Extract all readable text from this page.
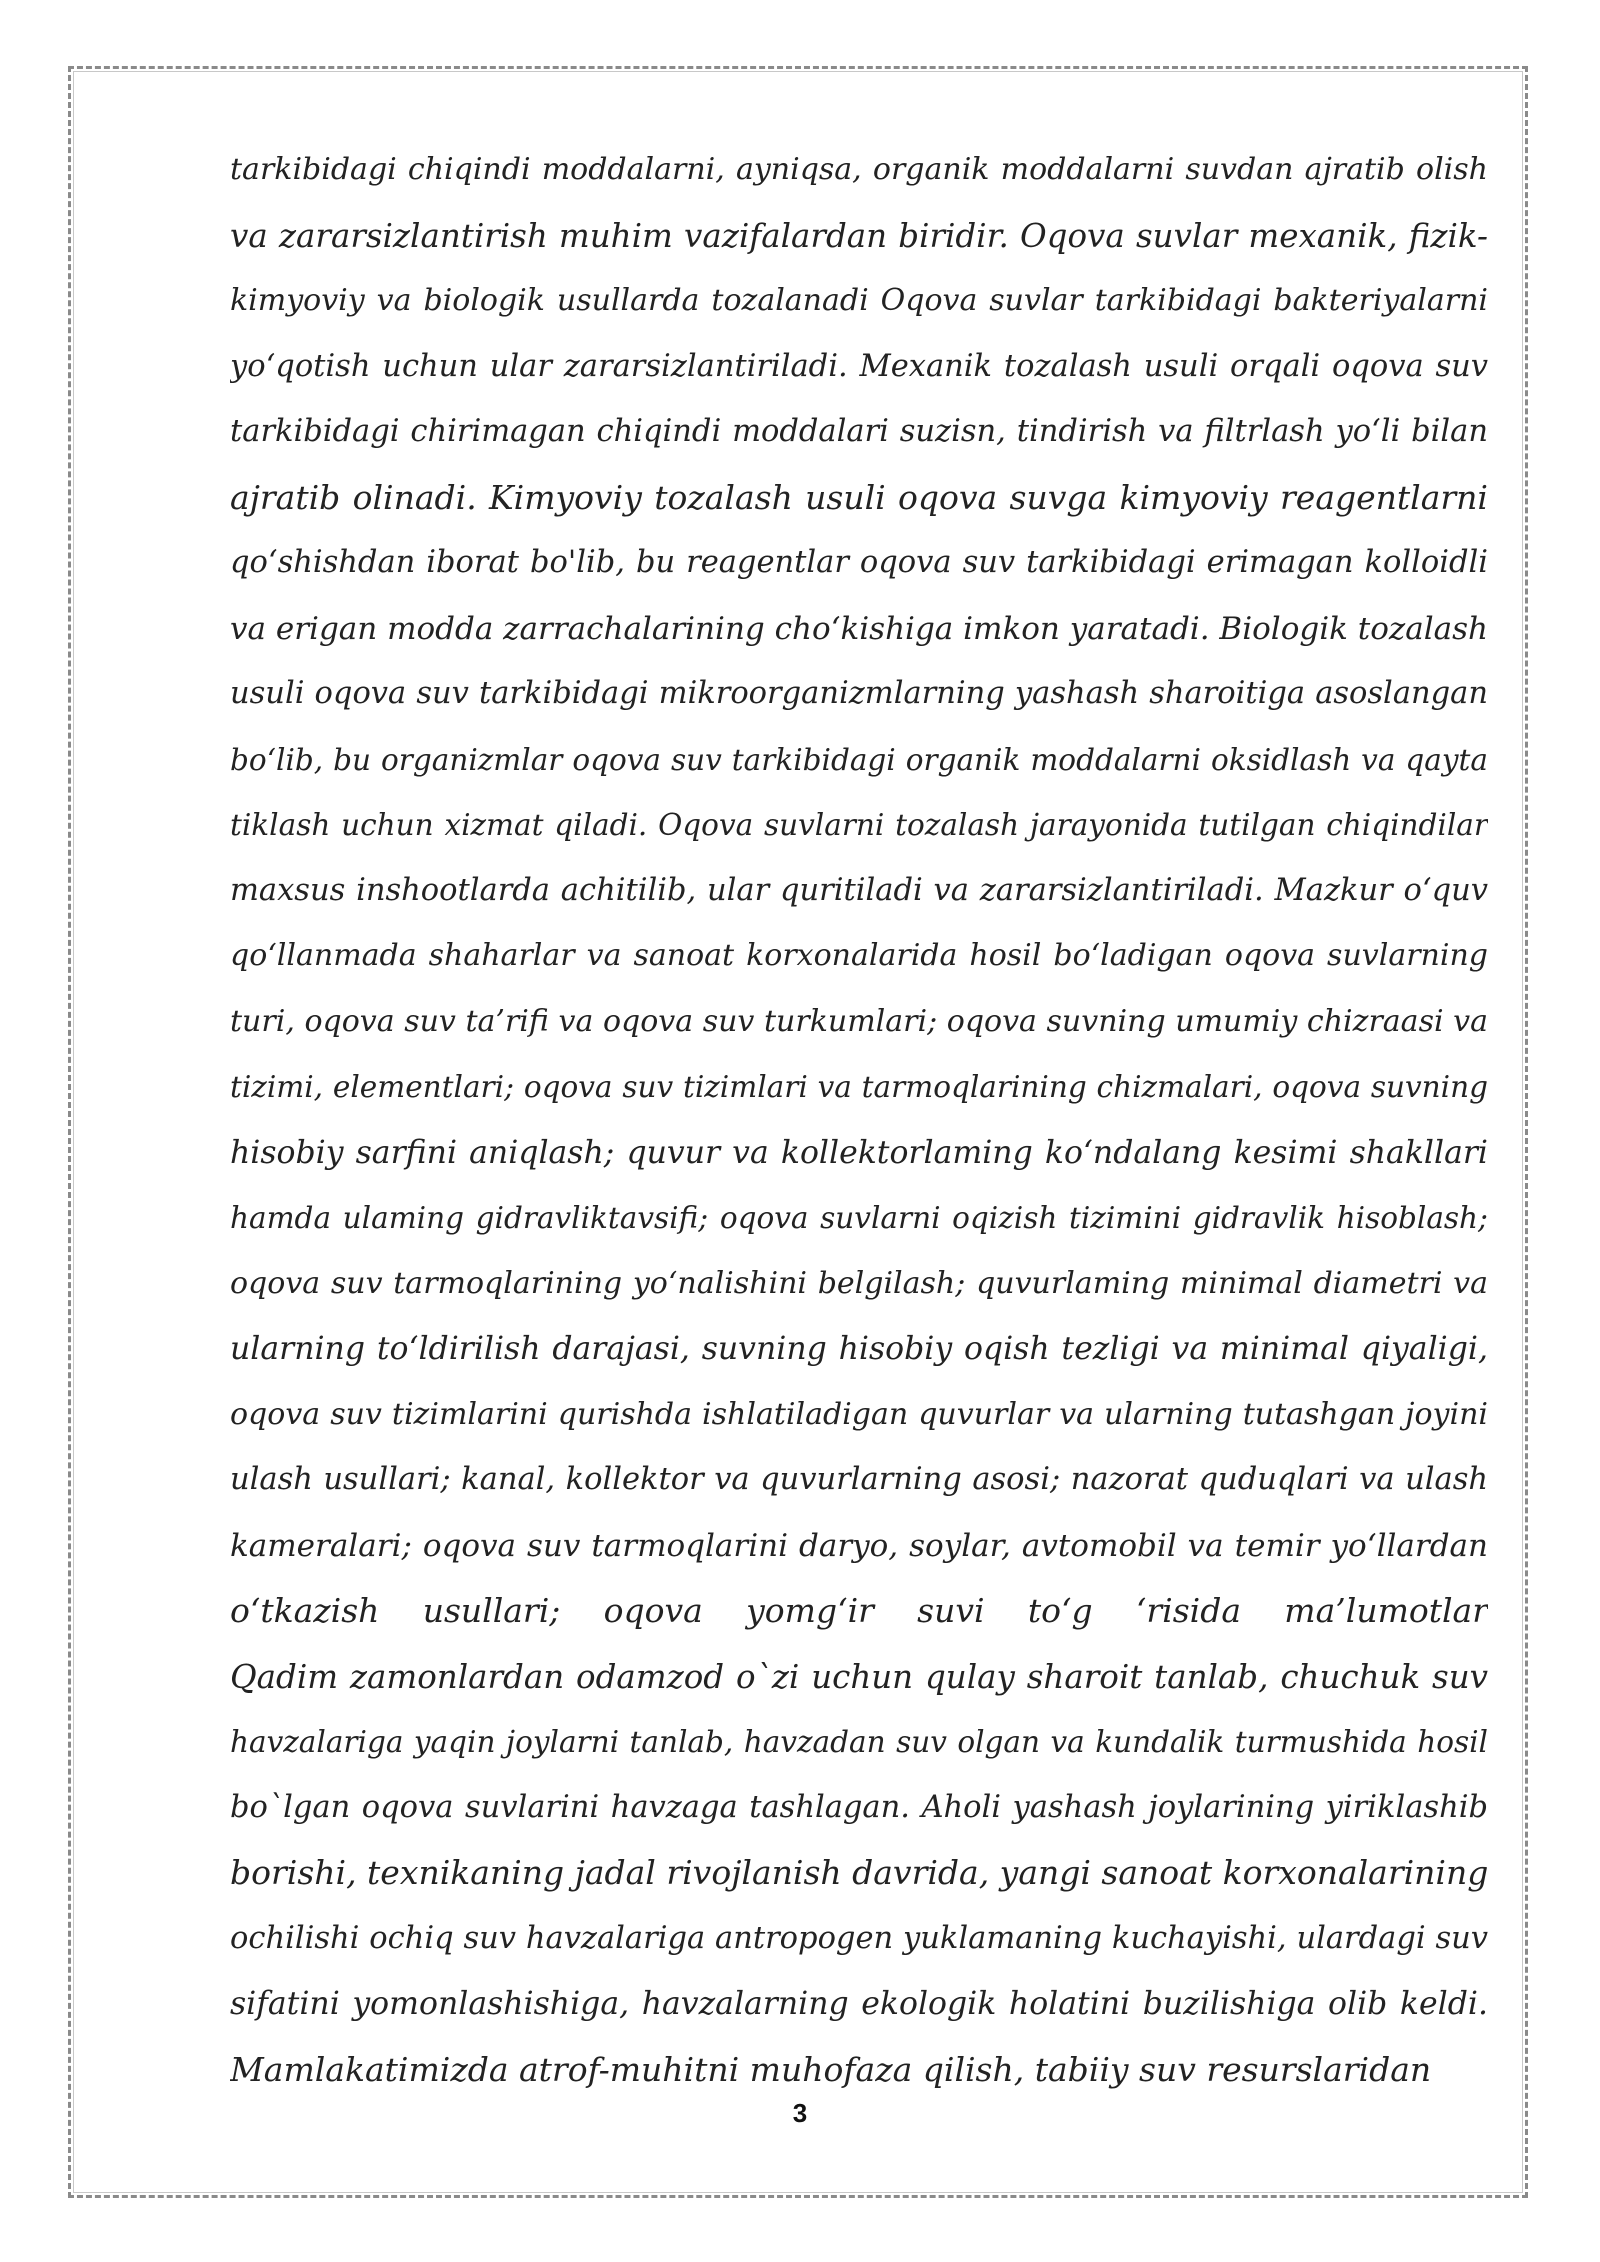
tarkibidagi chiqindi moddalarni, ayniqsa, organik moddalarni suvdan ajratib olish
va zararsizlantirish muhim vazifalardan biridir. Oqova suvlar mexanik, fizik-
kimyoviy va biologik usullarda tozalanadi Oqova suvlar tarkibidagi bakteriyalarni
yo‘qotish uchun ular zararsizlantiriladi. Mexanik tozalash usuli orqali oqova suv
tarkibidagi chirimagan chiqindi moddalari suzisn, tindirish va filtrlash yo‘li bilan
ajratib olinadi. Kimyoviy tozalash usuli oqova suvga kimyoviy reagentlarni
qo‘shishdan iborat bo'lib, bu reagentlar oqova suv tarkibidagi erimagan kolloidli
va erigan modda zarrachalarining cho‘kishiga imkon yaratadi. Biologik tozalash
usuli oqova suv tarkibidagi mikroorganizmlarning yashash sharoitiga asoslangan
bo‘lib, bu organizmlar oqova suv tarkibidagi organik moddalarni oksidlash va qayta
tiklash uchun xizmat qiladi. Oqova suvlarni tozalash jarayonida tutilgan chiqindilar
maxsus inshootlarda achitilib, ular quritiladi va zararsizlantiriladi. Mazkur o‘quv
qo‘llanmada shaharlar va sanoat korxonalarida hosil bo‘ladigan oqova suvlarning
turi, oqova suv ta’rifi va oqova suv turkumlari; oqova suvning umumiy chizraasi va
tizimi, elementlari; oqova suv tizimlari va tarmoqlarining chizmalari, oqova suvning
hisobiy sarfini aniqlash; quvur va kollektorlaming ko‘ndalang kesimi shakllari
hamda ulaming gidravliktavsifi; oqova suvlarni oqizish tizimini gidravlik hisoblash;
oqova suv tarmoqlarining yo‘nalishini belgilash; quvurlaming minimal diametri va
ularning to‘ldirilish darajasi, suvning hisobiy oqish tezligi va minimal qiyaligi,
oqova suv tizimlarini qurishda ishlatiladigan quvurlar va ularning tutashgan joyini
ulash usullari; kanal, kollektor va quvurlarning asosi; nazorat quduqlari va ulash
kameralari; oqova suv tarmoqlarini daryo, soylar, avtomobil va temir yo‘llardan
o‘tkazish usullari; oqova yomg‘ir suvi to‘g ‘risida ma’lumotlar
Qadim zamonlardan odamzod o`zi uchun qulay sharoit tanlab, chuchuk suv
havzalariga yaqin joylarni tanlab, havzadan suv olgan va kundalik turmushida hosil
bo`lgan oqova suvlarini havzaga tashlagan. Aholi yashash joylarining yiriklashib
borishi, texnikaning jadal rivojlanish davrida, yangi sanoat korxonalarining
ochilishi ochiq suv havzalariga antropogen yuklamaning kuchayishi, ulardagi suv
sifatini yomonlashishiga, havzalarning ekologik holatini buzilishiga olib keldi.
Mamlakatimizda atrof-muhitni muhofaza qilish, tabiiy suv resurslaridan
3
